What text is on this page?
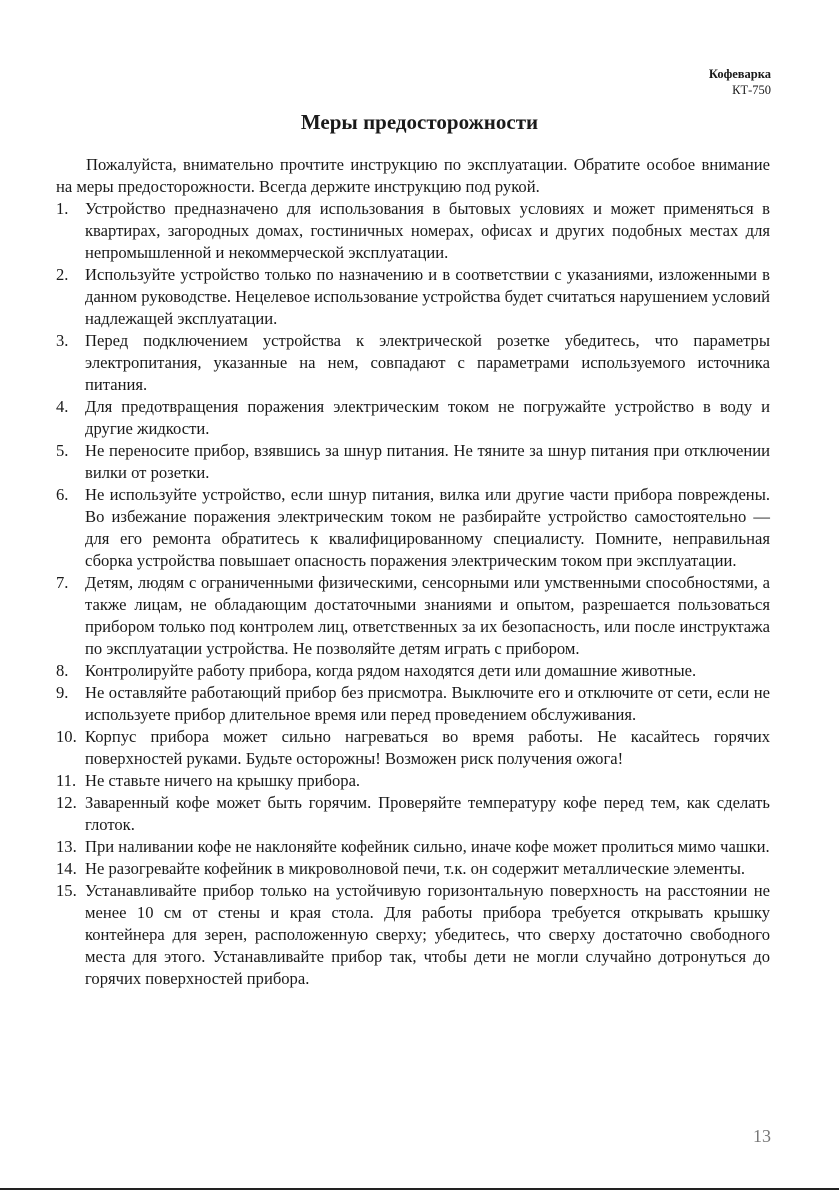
Кофеварка
КТ-750
Меры предосторожности

Пожалуйста, внимательно прочтите инструкцию по эксплуатации. Обратите особое внимание на меры предосторожности. Всегда держите инструкцию под рукой.

1. Устройство предназначено для использования в бытовых условиях и может применяться в квартирах, загородных домах, гостиничных номерах, офисах и других подобных местах для непромышленной и некоммерческой эксплуатации.
2. Используйте устройство только по назначению и в соответствии с указаниями, изложенными в данном руководстве. Нецелевое использование устройства будет считаться нарушением условий надлежащей эксплуатации.
3. Перед подключением устройства к электрической розетке убедитесь, что параметры электропитания, указанные на нем, совпадают с параметрами используемого источника питания.
4. Для предотвращения поражения электрическим током не погружайте устройство в воду и другие жидкости.
5. Не переносите прибор, взявшись за шнур питания. Не тяните за шнур питания при отключении вилки от розетки.
6. Не используйте устройство, если шнур питания, вилка или другие части прибора повреждены. Во избежание поражения электрическим током не разбирайте устройство самостоятельно — для его ремонта обратитесь к квалифицированному специалисту. Помните, неправильная сборка устройства повышает опасность поражения электрическим током при эксплуатации.
7. Детям, людям с ограниченными физическими, сенсорными или умственными способностями, а также лицам, не обладающим достаточными знаниями и опытом, разрешается пользоваться прибором только под контролем лиц, ответственных за их безопасность, или после инструктажа по эксплуатации устройства. Не позволяйте детям играть с прибором.
8. Контролируйте работу прибора, когда рядом находятся дети или домашние животные.
9. Не оставляйте работающий прибор без присмотра. Выключите его и отключите от сети, если не используете прибор длительное время или перед проведением обслуживания.
10. Корпус прибора может сильно нагреваться во время работы. Не касайтесь горячих поверхностей руками. Будьте осторожны! Возможен риск получения ожога!
11. Не ставьте ничего на крышку прибора.
12. Заваренный кофе может быть горячим. Проверяйте температуру кофе перед тем, как сделать глоток.
13. При наливании кофе не наклоняйте кофейник сильно, иначе кофе может пролиться мимо чашки.
14. Не разогревайте кофейник в микроволновой печи, т.к. он содержит металлические элементы.
15. Устанавливайте прибор только на устойчивую горизонтальную поверхность на расстоянии не менее 10 см от стены и края стола. Для работы прибора требуется открывать крышку контейнера для зерен, расположенную сверху; убедитесь, что сверху достаточно свободного места для этого. Устанавливайте прибор так, чтобы дети не могли случайно дотронуться до горячих поверхностей прибора.
13
